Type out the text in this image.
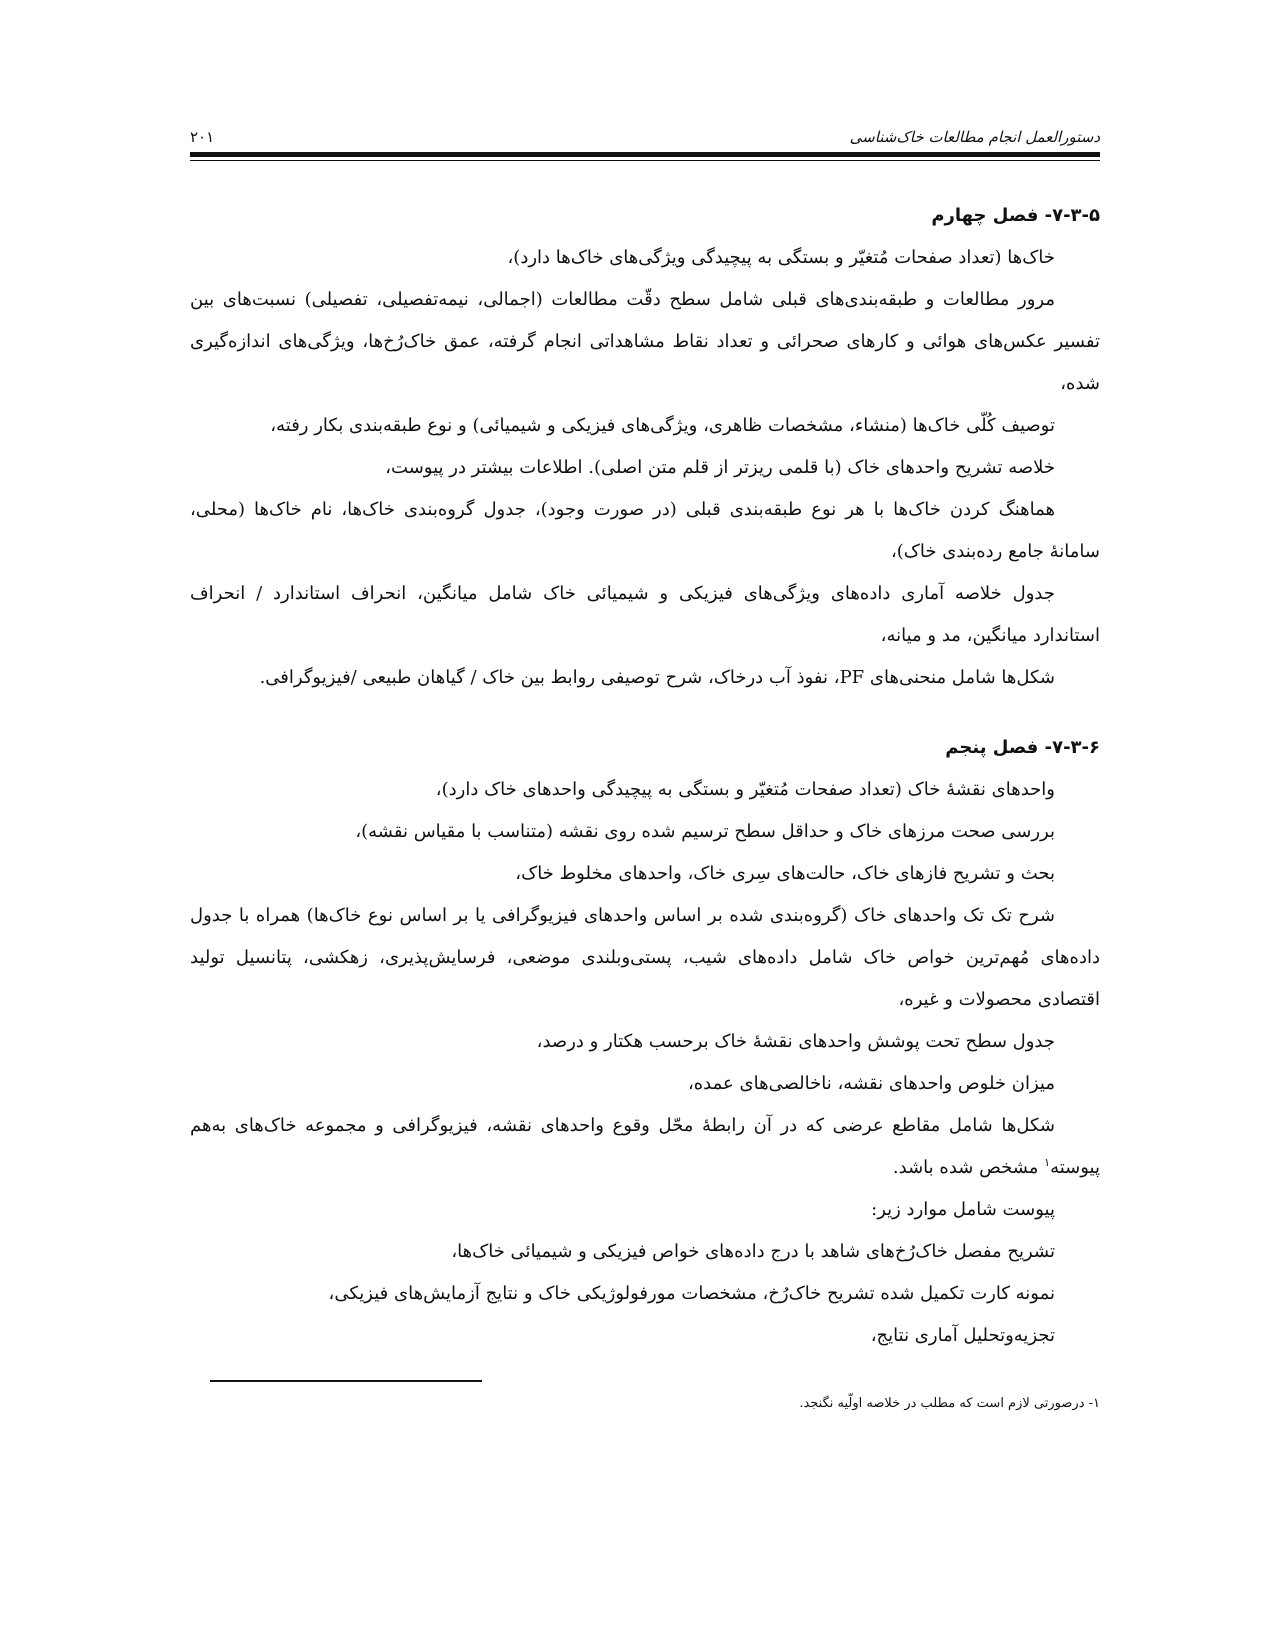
دستورالعمل انجام مطالعات خاک‌شناسی
۲۰۱
۷-۳-۵- فصل چهارم

خاک‌ها (تعداد صفحات مُتغیّر و بستگی به پیچیدگی ویژگی‌های خاک‌ها دارد)،

مرور مطالعات و طبقه‌بندی‌های قبلی شامل سطح دقّت مطالعات (اجمالی، نیمه‌تفصیلی، تفصیلی) نسبت‌های بین تفسیر عکس‌های هوائی و کارهای صحرائی و تعداد نقاط مشاهداتی انجام گرفته، عمق خاک‌رُخ‌ها، ویژگی‌های اندازه‌گیری شده،

توصیف کُلّی خاک‌ها (منشاء، مشخصات ظاهری، ویژگی‌های فیزیکی و شیمیائی) و نوع طبقه‌بندی بکار رفته،

خلاصه تشریح واحدهای خاک (با قلمی ریزتر از قلم متن اصلی). اطلاعات بیشتر در پیوست،

هماهنگ کردن خاک‌ها با هر نوع طبقه‌بندی قبلی (در صورت وجود)، جدول گروه‌بندی خاک‌ها، نام خاک‌ها (محلی، سامانهٔ جامع رده‌بندی خاک)،

جدول خلاصه آماری داده‌های ویژگی‌های فیزیکی و شیمیائی خاک شامل میانگین، انحراف استاندارد / انحراف استاندارد میانگین، مد و میانه،

شکل‌ها شامل منحنی‌های PF، نفوذ آب درخاک، شرح توصیفی روابط بین خاک / گیاهان طبیعی /فیزیوگرافی.

۷-۳-۶- فصل پنجم

واحدهای نقشهٔ خاک (تعداد صفحات مُتغیّر و بستگی به پیچیدگی واحدهای خاک دارد)،

بررسی صحت مرزهای خاک و حداقل سطح ترسیم شده روی نقشه (متناسب با مقیاس نقشه)،

بحث و تشریح فازهای خاک، حالت‌های سِری خاک، واحدهای مخلوط خاک،

شرح تک تک واحدهای خاک (گروه‌بندی شده بر اساس واحدهای فیزیوگرافی یا بر اساس نوع خاک‌ها) همراه با جدول داده‌های مُهم‌ترین خواص خاک شامل داده‌های شیب، پستی‌وبلندی موضعی، فرسایش‌پذیری، زهکشی، پتانسیل تولید اقتصادی محصولات و غیره،

جدول سطح تحت پوشش واحدهای نقشهٔ خاک برحسب هکتار و درصد،

میزان خلوص واحدهای نقشه، ناخالصی‌های عمده،

شکل‌ها شامل مقاطع عرضی که در آن رابطهٔ محّل وقوع واحدهای نقشه، فیزیوگرافی و مجموعه خاک‌های به‌هم پیوسته$^۱$ مشخص شده باشد.

پیوست شامل موارد زیر:

تشریح مفصل خاک‌رُخ‌های شاهد با درج داده‌های خواص فیزیکی و شیمیائی خاک‌ها،

نمونه کارت تکمیل شده تشریح خاک‌رُخ، مشخصات مورفولوژیکی خاک و نتایج آزمایش‌های فیزیکی،

تجزیه‌وتحلیل آماری نتایج،

۱- درصورتی لازم است که مطلب در خلاصه اولّیه نگنجد.
